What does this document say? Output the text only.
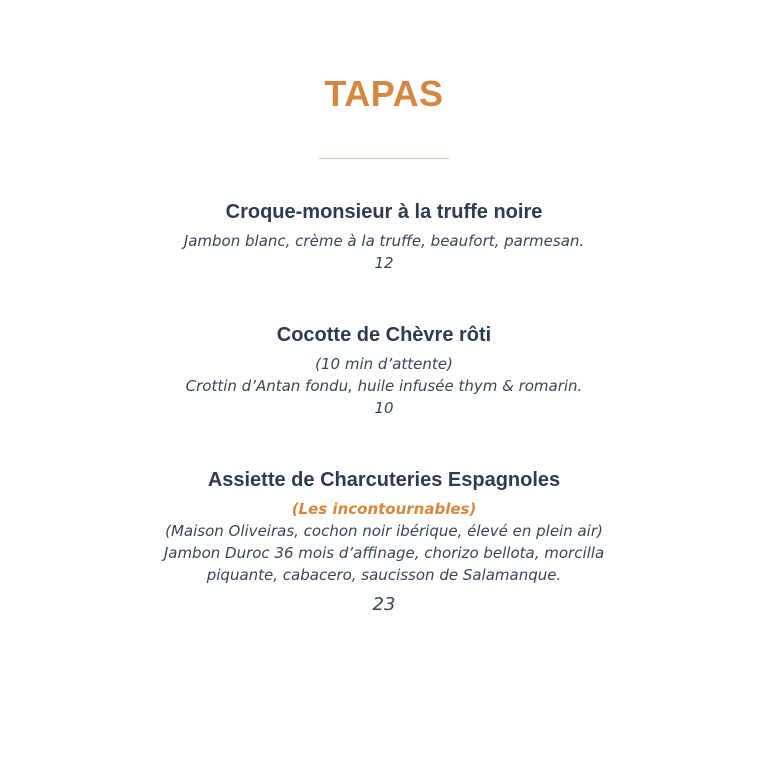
TAPAS

Croque-monsieur à la truffe noire

Jambon blanc, crème à la truffe, beaufort, parmesan.

12

Cocotte de Chèvre rôti

(10 min d’attente)

Crottin d’Antan fondu, huile infusée thym & romarin.

10

Assiette de Charcuteries Espagnoles

(Les incontournables)

(Maison Oliveiras, cochon noir ibérique, élevé en plein air)

Jambon Duroc 36 mois d’affinage, chorizo bellota, morcilla

piquante, cabacero, saucisson de Salamanque.

23
